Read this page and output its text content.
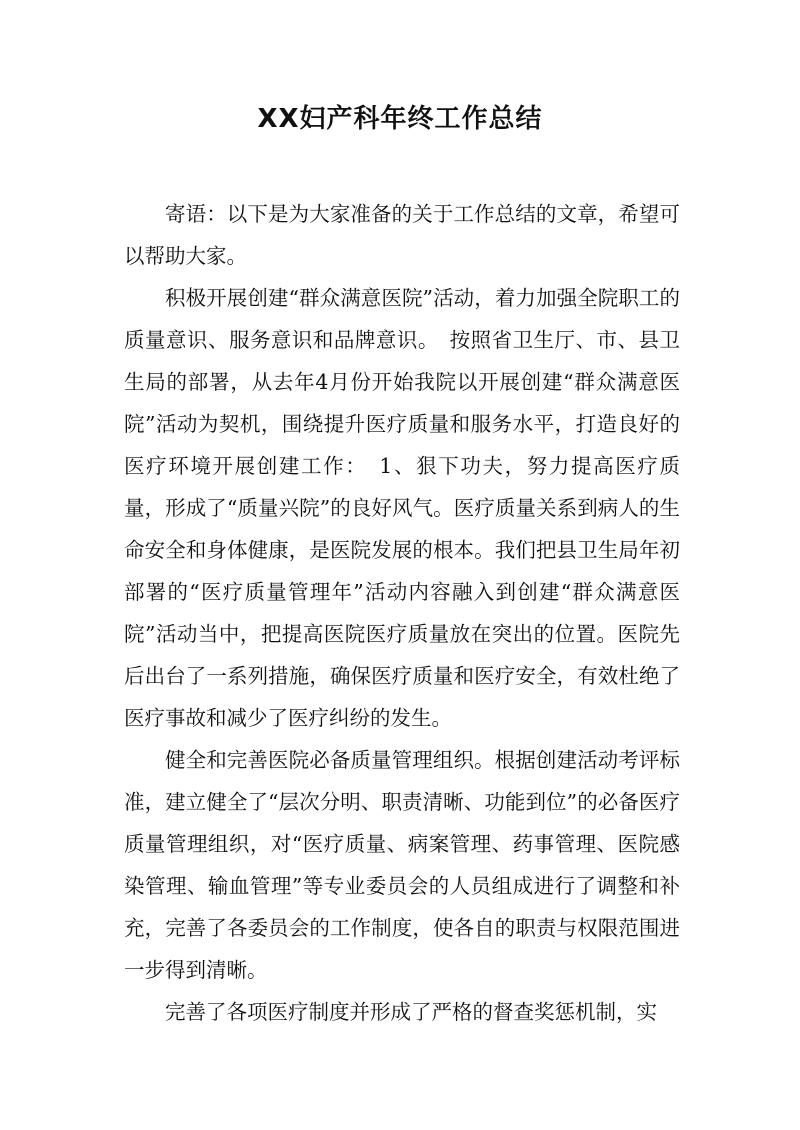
XX妇产科年终工作总结

寄语：以下是为大家准备的关于工作总结的文章，希望可以帮助大家。

积极开展创建“群众满意医院”活动，着力加强全院职工的质量意识、服务意识和品牌意识。　按照省卫生厅、市、县卫生局的部署，从去年4月份开始我院以开展创建“群众满意医院”活动为契机，围绕提升医疗质量和服务水平，打造良好的医疗环境开展创建工作：　1、狠下功夫，努力提高医疗质量，形成了“质量兴院”的良好风气。医疗质量关系到病人的生命安全和身体健康，是医院发展的根本。我们把县卫生局年初部署的“医疗质量管理年”活动内容融入到创建“群众满意医院”活动当中，把提高医院医疗质量放在突出的位置。医院先后出台了一系列措施，确保医疗质量和医疗安全，有效杜绝了医疗事故和减少了医疗纠纷的发生。

健全和完善医院必备质量管理组织。根据创建活动考评标准，建立健全了“层次分明、职责清晰、功能到位”的必备医疗质量管理组织，对“医疗质量、病案管理、药事管理、医院感染管理、输血管理”等专业委员会的人员组成进行了调整和补充，完善了各委员会的工作制度，使各自的职责与权限范围进一步得到清晰。

完善了各项医疗制度并形成了严格的督查奖惩机制，实
